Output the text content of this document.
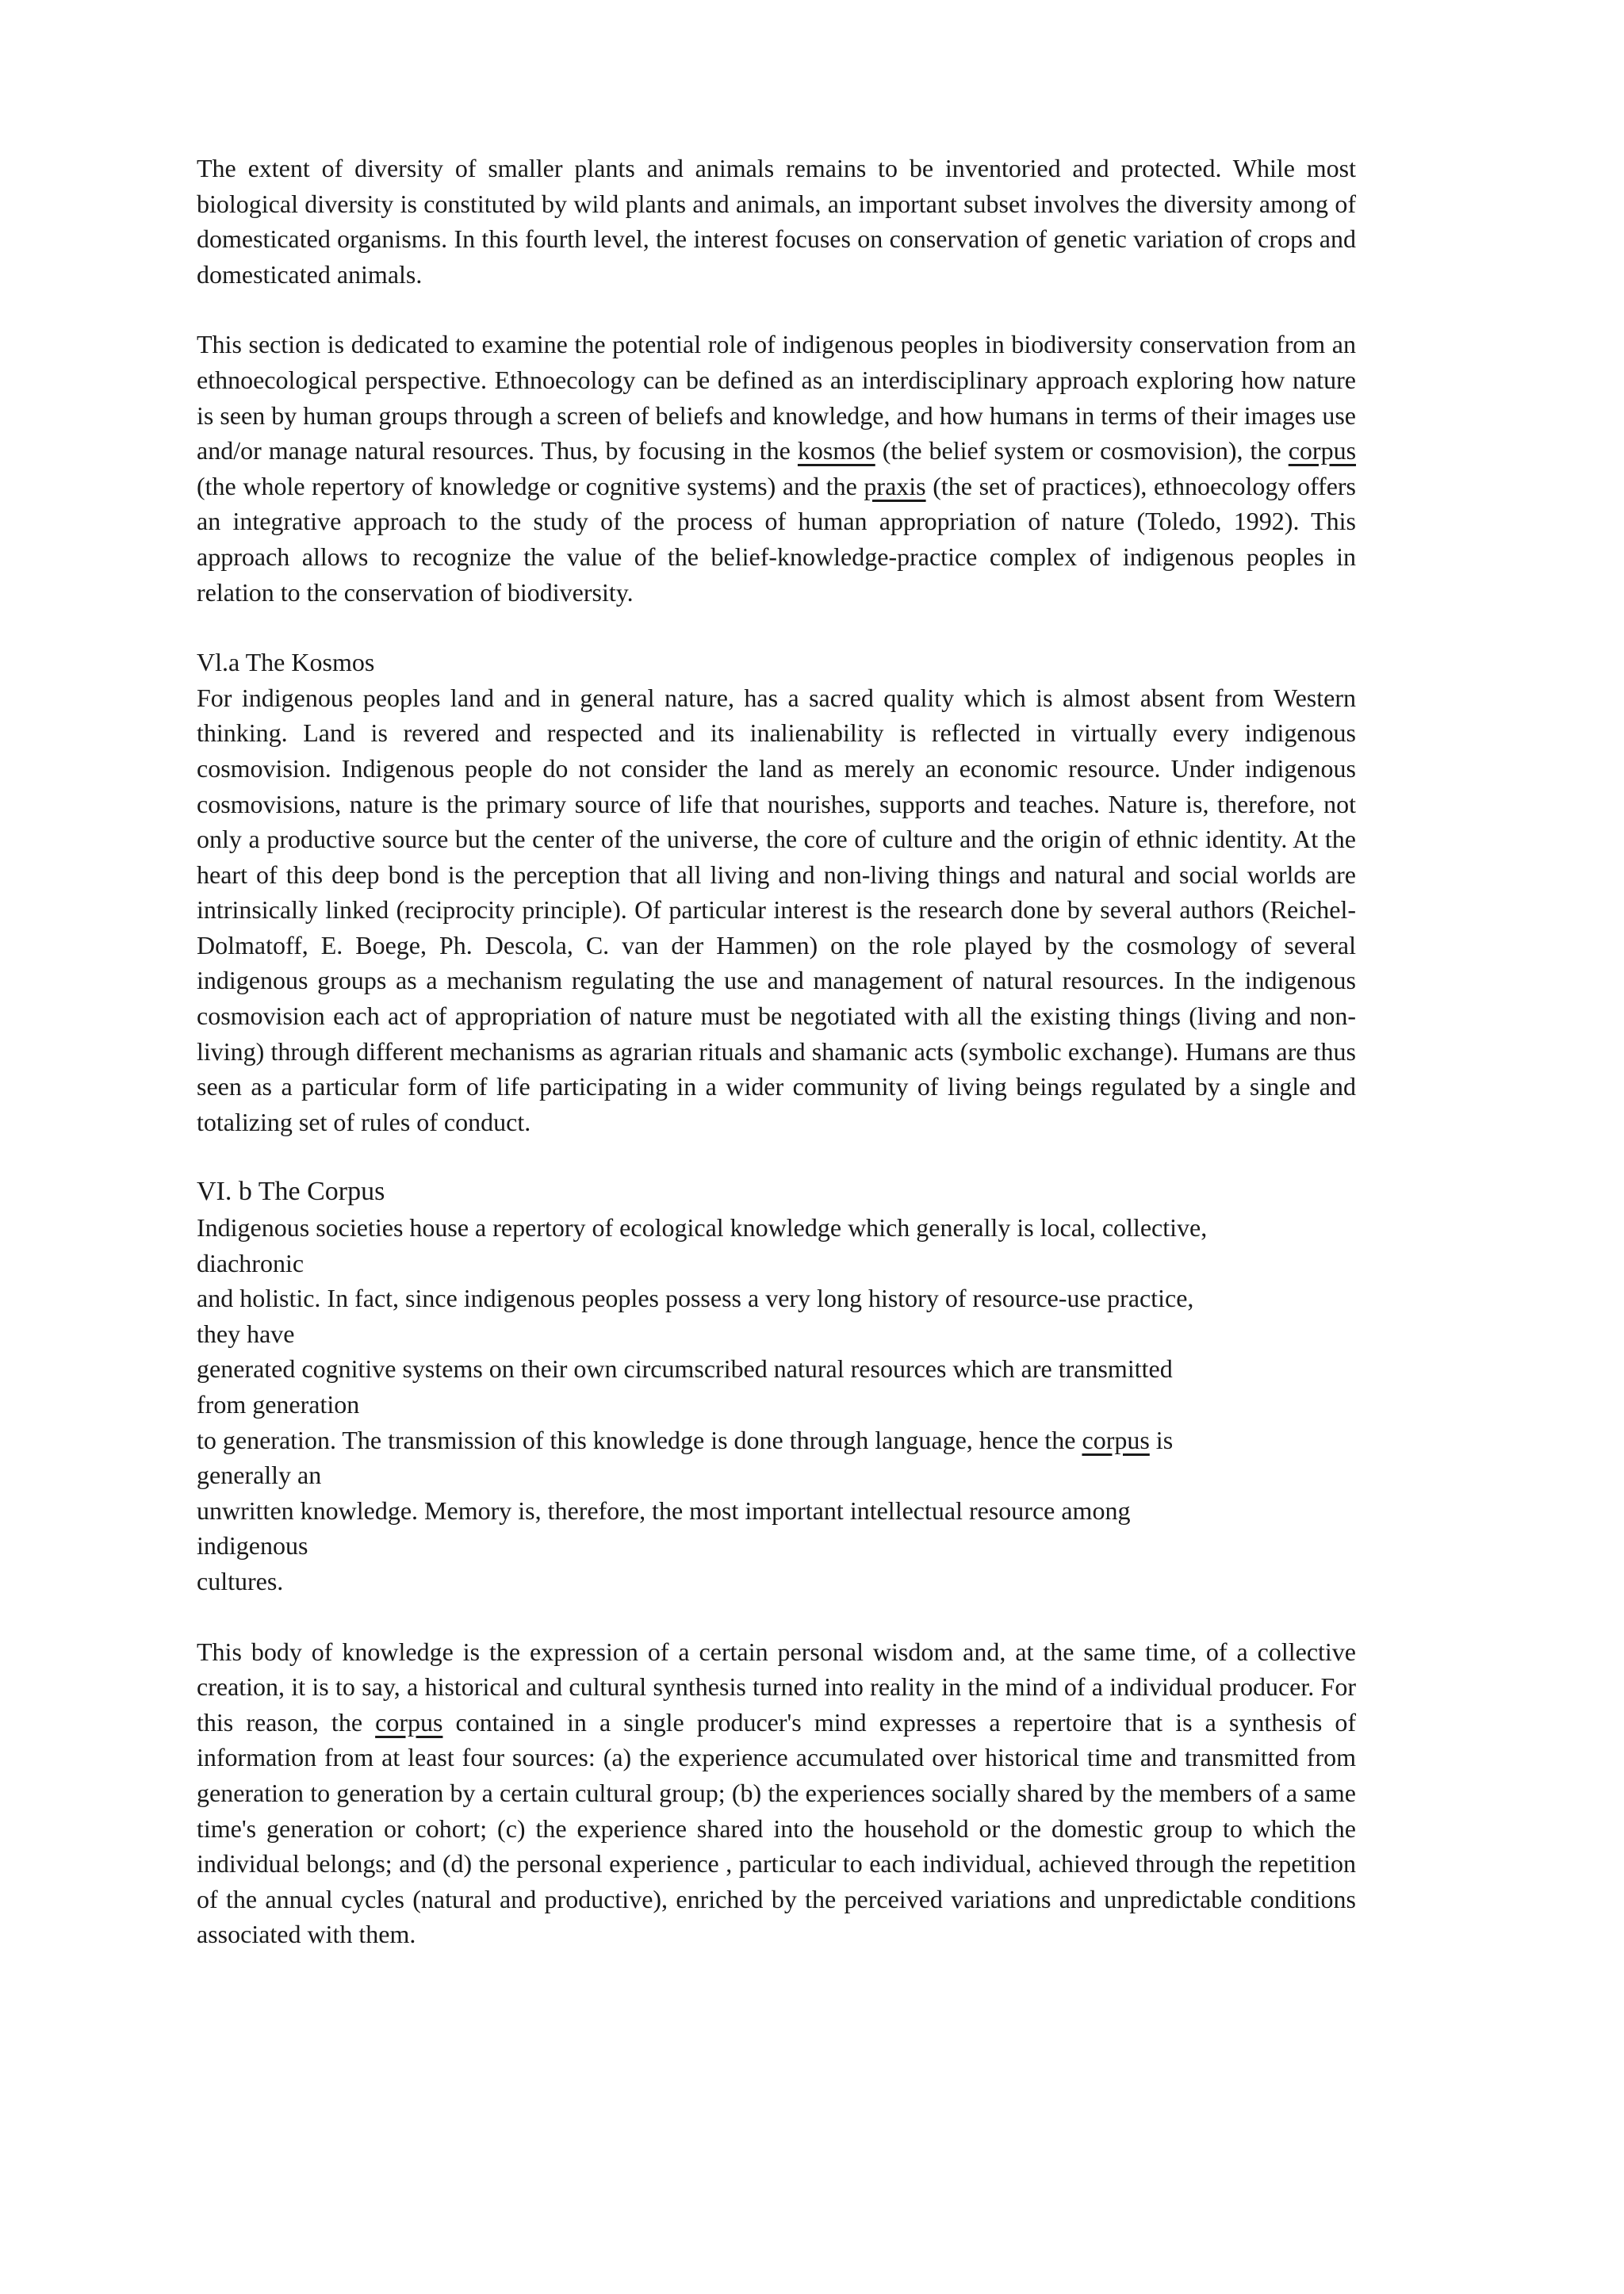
The extent of diversity of smaller plants and animals remains to be inventoried and protected. While most biological diversity is constituted by wild plants and animals, an important subset involves the diversity among of domesticated organisms. In this fourth level, the interest focuses on conservation of genetic variation of crops and domesticated animals.

This section is dedicated to examine the potential role of indigenous peoples in biodiversity conservation from an ethnoecological perspective. Ethnoecology can be defined as an interdisciplinary approach exploring how nature is seen by human groups through a screen of beliefs and knowledge, and how humans in terms of their images use and/or manage natural resources. Thus, by focusing in the kosmos (the belief system or cosmovision), the corpus (the whole repertory of knowledge or cognitive systems) and the praxis (the set of practices), ethnoecology offers an integrative approach to the study of the process of human appropriation of nature (Toledo, 1992). This approach allows to recognize the value of the belief-knowledge-practice complex of indigenous peoples in relation to the conservation of biodiversity.

Vl.a The Kosmos

For indigenous peoples land and in general nature, has a sacred quality which is almost absent from Western thinking. Land is revered and respected and its inalienability is reflected in virtually every indigenous cosmovision. Indigenous people do not consider the land as merely an economic resource. Under indigenous cosmovisions, nature is the primary source of life that nourishes, supports and teaches. Nature is, therefore, not only a productive source but the center of the universe, the core of culture and the origin of ethnic identity. At the heart of this deep bond is the perception that all living and non-living things and natural and social worlds are intrinsically linked (reciprocity principle). Of particular interest is the research done by several authors (Reichel-Dolmatoff, E. Boege, Ph. Descola, C. van der Hammen) on the role played by the cosmology of several indigenous groups as a mechanism regulating the use and management of natural resources. In the indigenous cosmovision each act of appropriation of nature must be negotiated with all the existing things (living and non-living) through different mechanisms as agrarian rituals and shamanic acts (symbolic exchange). Humans are thus seen as a particular form of life participating in a wider community of living beings regulated by a single and totalizing set of rules of conduct.

VI. b The Corpus

Indigenous societies house a repertory of ecological knowledge which generally is local, collective,
diachronic
and holistic. In fact, since indigenous peoples possess a very long history of resource-use practice,
they have
generated cognitive systems on their own circumscribed natural resources which are transmitted
from generation
to generation. The transmission of this knowledge is done through language, hence the corpus is
generally an
unwritten knowledge. Memory is, therefore, the most important intellectual resource among
indigenous
cultures.

This body of knowledge is the expression of a certain personal wisdom and, at the same time, of a collective creation, it is to say, a historical and cultural synthesis turned into reality in the mind of a individual producer. For this reason, the corpus contained in a single producer's mind expresses a repertoire that is a synthesis of information from at least four sources: (a) the experience accumulated over historical time and transmitted from generation to generation by a certain cultural group; (b) the experiences socially shared by the members of a same time's generation or cohort; (c) the experience shared into the household or the domestic group to which the individual belongs; and (d) the personal experience , particular to each individual, achieved through the repetition of the annual cycles (natural and productive), enriched by the perceived variations and unpredictable conditions associated with them.
